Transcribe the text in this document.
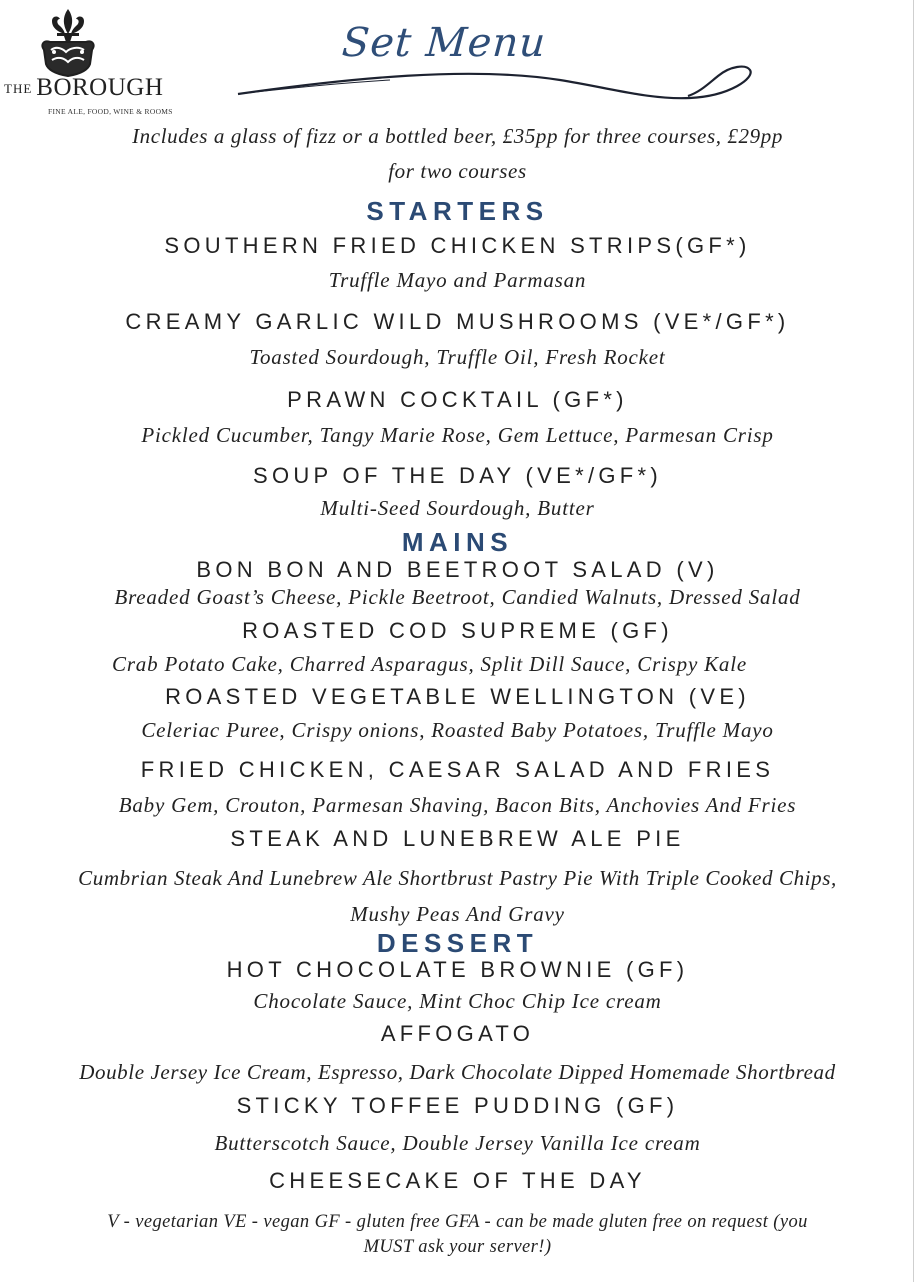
THE BOROUGH
FINE ALE, FOOD, WINE & ROOMS
Set Menu
Includes a glass of fizz or a bottled beer, £35pp for three courses, £29pp
for two courses
STARTERS
SOUTHERN FRIED CHICKEN STRIPS(GF*)
Truffle Mayo and Parmasan
CREAMY GARLIC WILD MUSHROOMS (VE*/GF*)
Toasted Sourdough, Truffle Oil, Fresh Rocket
PRAWN COCKTAIL (GF*)
Pickled Cucumber, Tangy Marie Rose, Gem Lettuce, Parmesan Crisp
SOUP OF THE DAY (VE*/GF*)
Multi-Seed Sourdough, Butter
MAINS
BON BON AND BEETROOT SALAD (V)
Breaded Goast’s Cheese, Pickle Beetroot, Candied Walnuts, Dressed Salad
ROASTED COD SUPREME (GF)
Crab Potato Cake, Charred Asparagus, Split Dill Sauce, Crispy Kale
ROASTED VEGETABLE WELLINGTON (VE)
Celeriac Puree, Crispy onions, Roasted Baby Potatoes, Truffle Mayo
FRIED CHICKEN, CAESAR SALAD AND FRIES
Baby Gem, Crouton, Parmesan Shaving, Bacon Bits, Anchovies And Fries
STEAK AND LUNEBREW ALE PIE
Cumbrian Steak And Lunebrew Ale Shortbrust Pastry Pie With Triple Cooked Chips,
Mushy Peas And Gravy
DESSERT
HOT CHOCOLATE BROWNIE (GF)
Chocolate Sauce, Mint Choc Chip Ice cream
AFFOGATO
Double Jersey Ice Cream, Espresso, Dark Chocolate Dipped Homemade Shortbread
STICKY TOFFEE PUDDING (GF)
Butterscotch Sauce, Double Jersey Vanilla Ice cream
CHEESECAKE OF THE DAY
V - vegetarian VE - vegan GF - gluten free GFA - can be made gluten free on request (you
MUST ask your server!)
